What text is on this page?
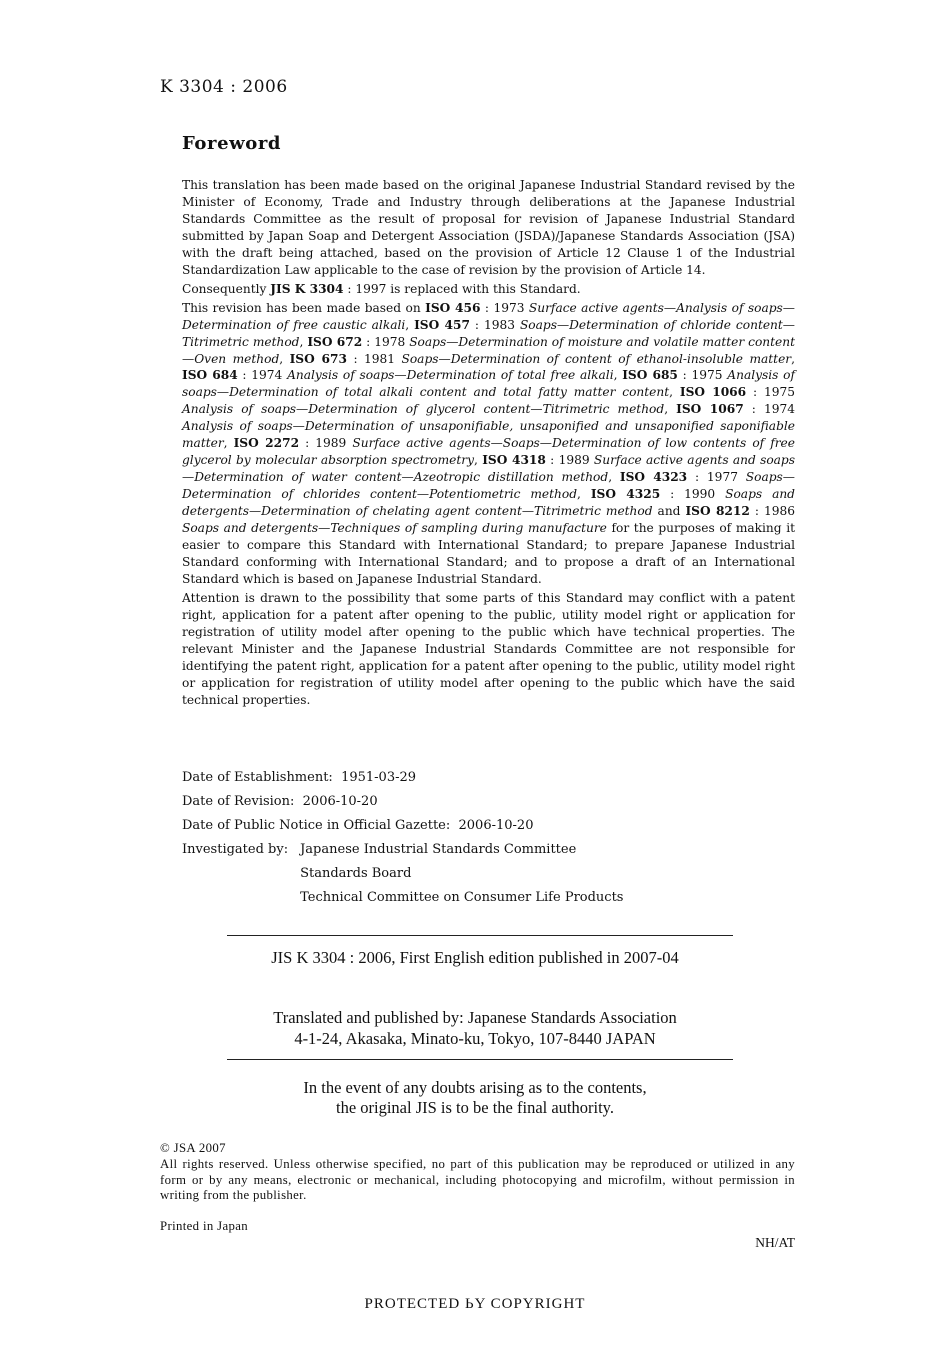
K 3304 : 2006
Foreword

This translation has been made based on the original Japanese Industrial Standard revised by the Minister of Economy, Trade and Industry through deliberations at the Japanese Industrial Standards Committee as the result of proposal for revision of Japanese Industrial Standard submitted by Japan Soap and Detergent Association (JSDA)/Japanese Standards Association (JSA) with the draft being attached, based on the provision of Article 12 Clause 1 of the Industrial Standardization Law applicable to the case of revision by the provision of Article 14.

Consequently JIS K 3304 : 1997 is replaced with this Standard.

This revision has been made based on ISO 456 : 1973 Surface active agents—Analysis of soaps—Determination of free caustic alkali, ISO 457 : 1983 Soaps—Determination of chloride content—Titrimetric method, ISO 672 : 1978 Soaps—Determination of moisture and volatile matter content—Oven method, ISO 673 : 1981 Soaps—Determination of content of ethanol-insoluble matter, ISO 684 : 1974 Analysis of soaps—Determination of total free alkali, ISO 685 : 1975 Analysis of soaps—Determination of total alkali content and total fatty matter content, ISO 1066 : 1975 Analysis of soaps—Determination of glycerol content—Titrimetric method, ISO 1067 : 1974 Analysis of soaps—Determination of unsaponifiable, unsaponified and unsaponified saponifiable matter, ISO 2272 : 1989 Surface active agents—Soaps—Determination of low contents of free glycerol by molecular absorption spectrometry, ISO 4318 : 1989 Surface active agents and soaps—Determination of water content—Azeotropic distillation method, ISO 4323 : 1977 Soaps—Determination of chlorides content—Potentiometric method, ISO 4325 : 1990 Soaps and detergents—Determination of chelating agent content—Titrimetric method and ISO 8212 : 1986 Soaps and detergents—Techniques of sampling during manufacture for the purposes of making it easier to compare this Standard with International Standard; to prepare Japanese Industrial Standard conforming with International Standard; and to propose a draft of an International Standard which is based on Japanese Industrial Standard.

Attention is drawn to the possibility that some parts of this Standard may conflict with a patent right, application for a patent after opening to the public, utility model right or application for registration of utility model after opening to the public which have technical properties. The relevant Minister and the Japanese Industrial Standards Committee are not responsible for identifying the patent right, application for a patent after opening to the public, utility model right or application for registration of utility model after opening to the public which have the said technical properties.

Date of Establishment:  1951-03-29
Date of Revision:  2006-10-20
Date of Public Notice in Official Gazette:  2006-10-20
Investigated by: Japanese Industrial Standards Committee
Standards Board
Technical Committee on Consumer Life Products
JIS K 3304 : 2006, First English edition published in 2007-04
Translated and published by: Japanese Standards Association
4-1-24, Akasaka, Minato-ku, Tokyo, 107-8440 JAPAN
In the event of any doubts arising as to the contents,
the original JIS is to be the final authority.
© JSA 2007
All rights reserved. Unless otherwise specified, no part of this publication may be reproduced or utilized in any form or by any means, electronic or mechanical, including photocopying and microfilm, without permission in writing from the publisher.
Printed in Japan
NH/AT
PROTECTED ЬY COPYRIGHT
